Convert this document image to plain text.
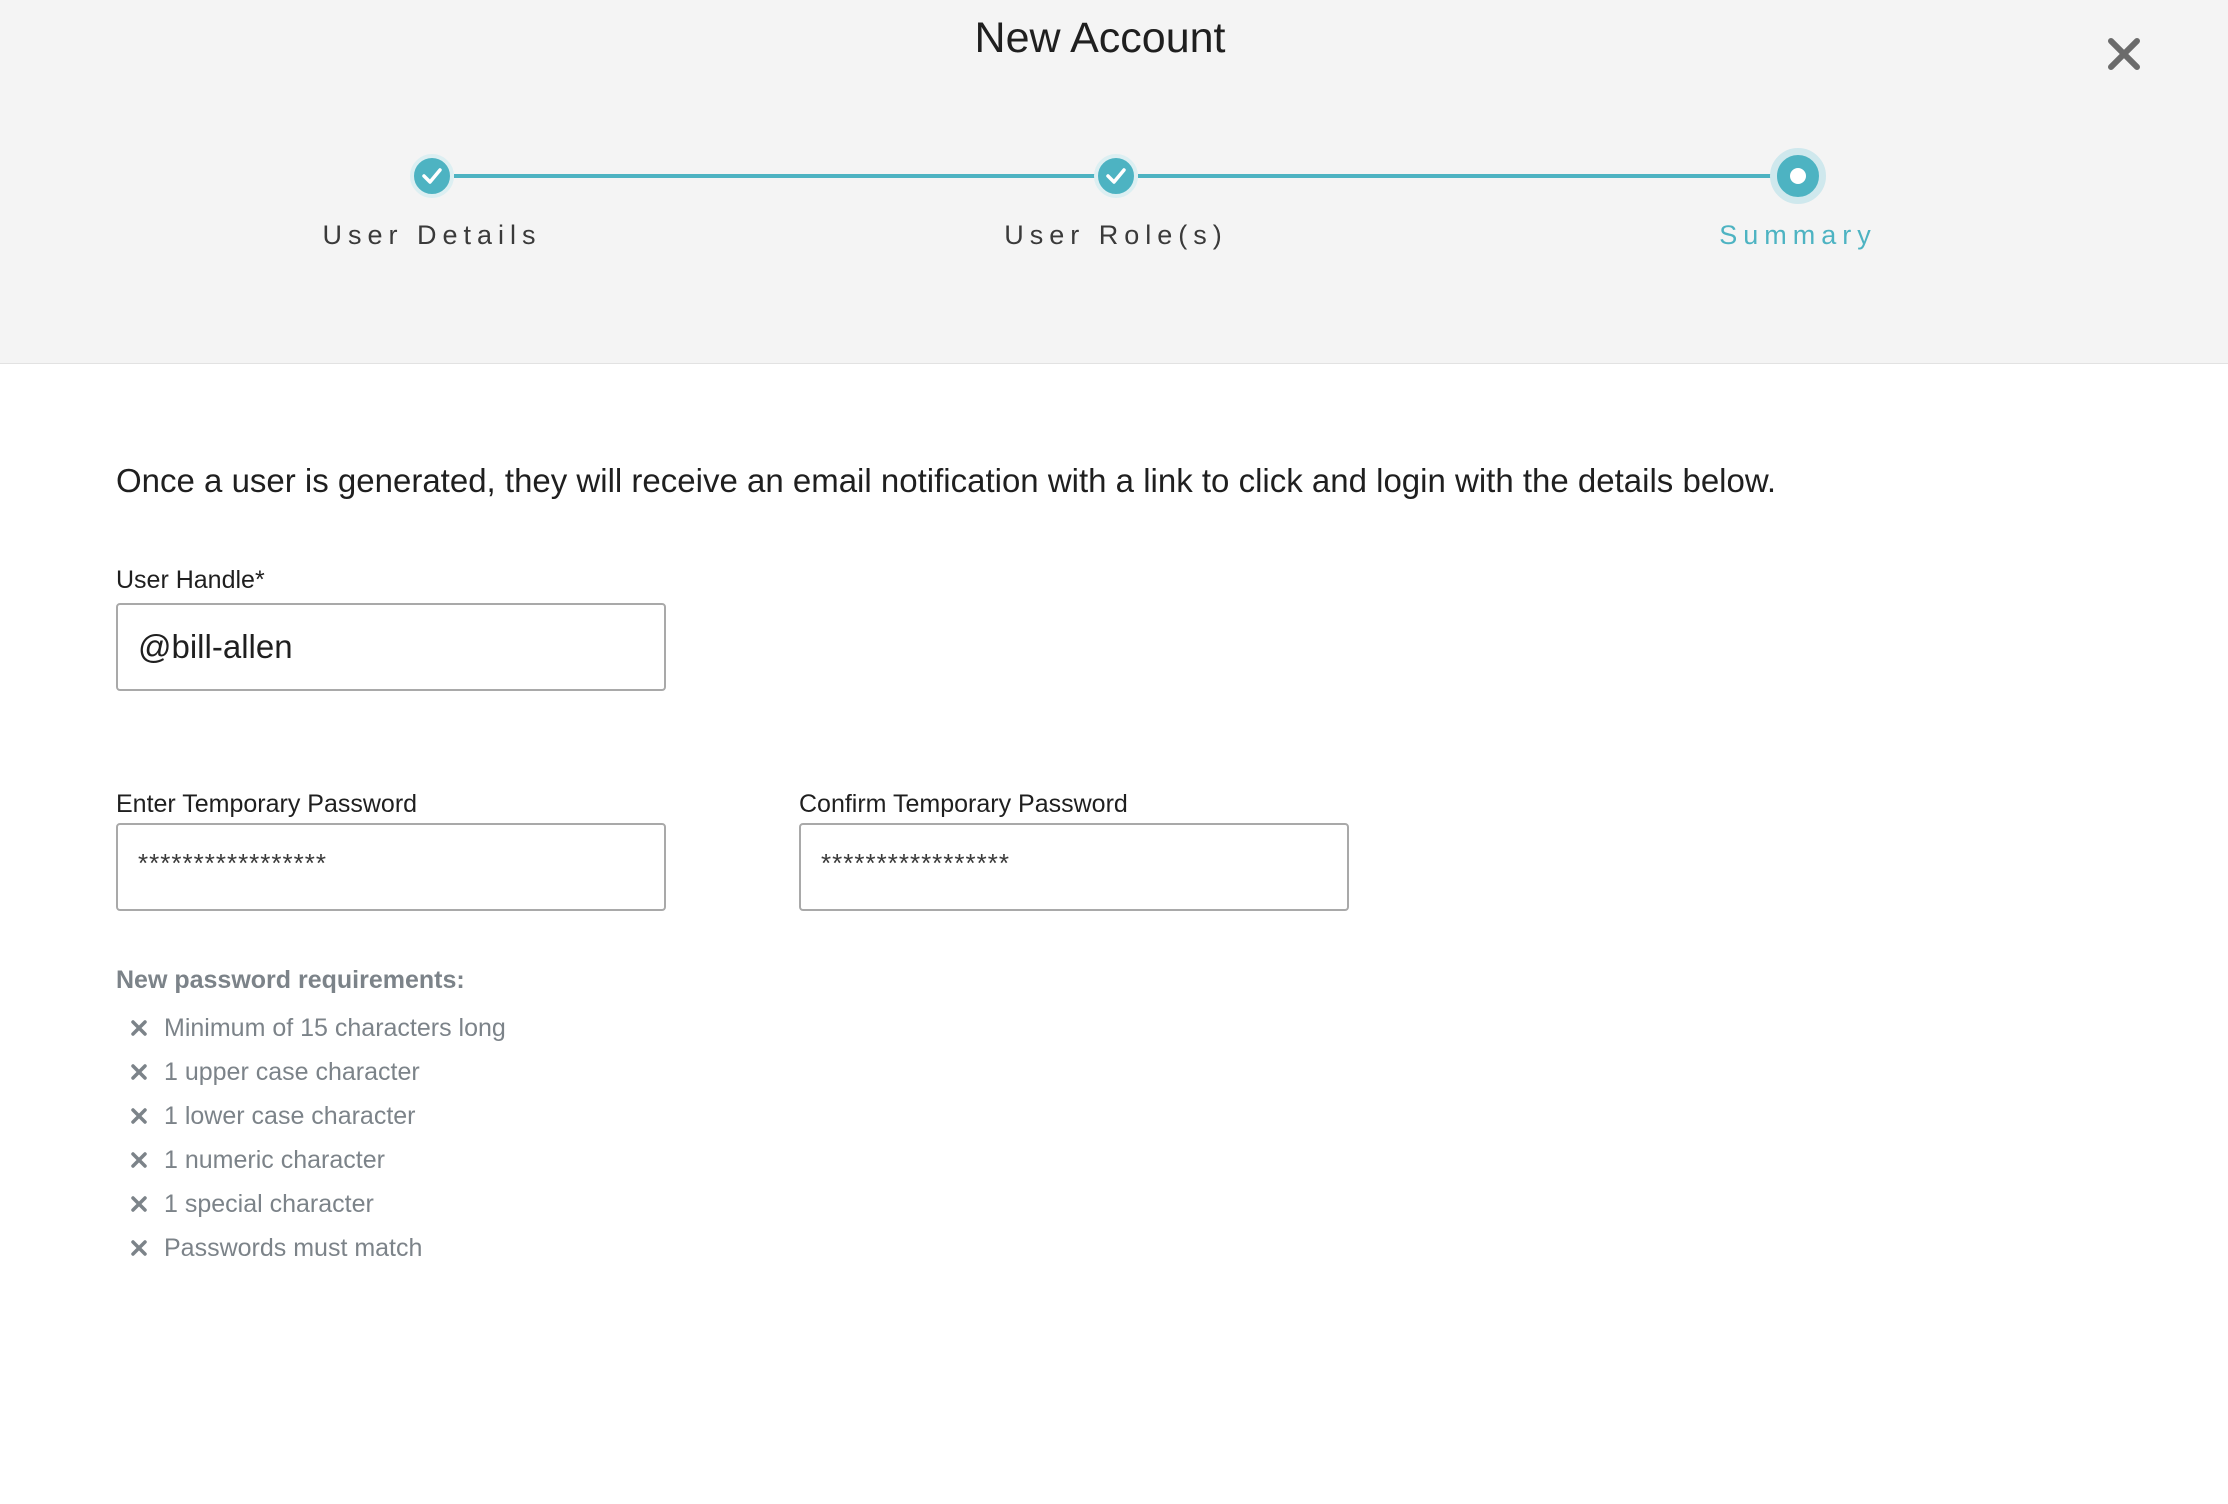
New Account
User Details	User Role(s)	Summary
Once a user is generated, they will receive an email notification with a link to click and login with the details below.
User Handle*
@bill-allen
Enter Temporary Password
*****************
Confirm Temporary Password
*****************
New password requirements:
Minimum of 15 characters long
1 upper case character
1 lower case character
1 numeric character
1 special character
Passwords must match
